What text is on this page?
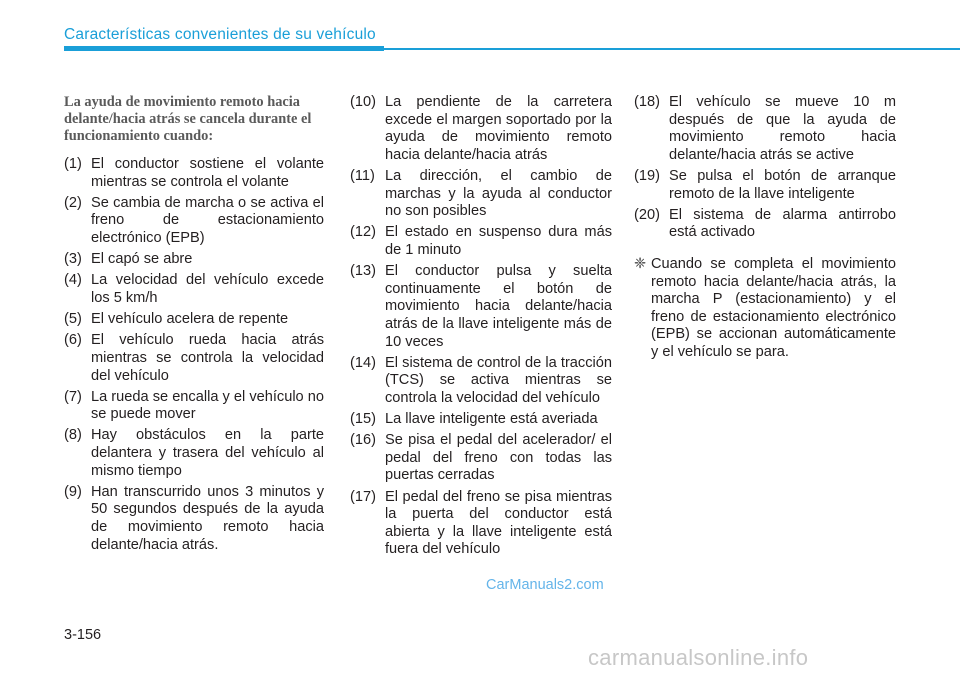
Características convenientes de su vehículo
La ayuda de movimiento remoto hacia delante/hacia atrás se cancela durante el funcionamiento cuando:
(1) El conductor sostiene el volante mientras se controla el volante
(2) Se cambia de marcha o se activa el freno de estacionamiento electrónico (EPB)
(3) El capó se abre
(4) La velocidad del vehículo excede los 5 km/h
(5) El vehículo acelera de repente
(6) El vehículo rueda hacia atrás mientras se controla la velocidad del vehículo
(7) La rueda se encalla y el vehículo no se puede mover
(8) Hay obstáculos en la parte delantera y trasera del vehículo al mismo tiempo
(9) Han transcurrido unos 3 minutos y 50 segundos después de la ayuda de movimiento remoto hacia delante/hacia atrás.
(10) La pendiente de la carretera excede el margen soportado por la ayuda de movimiento remoto hacia delante/hacia atrás
(11) La dirección, el cambio de marchas y la ayuda al conductor no son posibles
(12) El estado en suspenso dura más de 1 minuto
(13) El conductor pulsa y suelta continuamente el botón de movimiento hacia delante/hacia atrás de la llave inteligente más de 10 veces
(14) El sistema de control de la tracción (TCS) se activa mientras se controla la velocidad del vehículo
(15) La llave inteligente está averiada
(16) Se pisa el pedal del acelerador/ el pedal del freno con todas las puertas cerradas
(17) El pedal del freno se pisa mientras la puerta del conductor está abierta y la llave inteligente está fuera del vehículo
(18) El vehículo se mueve 10 m después de que la ayuda de movimiento remoto hacia delante/hacia atrás se active
(19) Se pulsa el botón de arranque remoto de la llave inteligente
(20) El sistema de alarma antirrobo está activado
❈ Cuando se completa el movimiento remoto hacia delante/hacia atrás, la marcha P (estacionamiento) y el freno de estacionamiento electrónico (EPB) se accionan automáticamente y el vehículo se para.
3-156
CarManuals2.com
carmanualsonline.info
